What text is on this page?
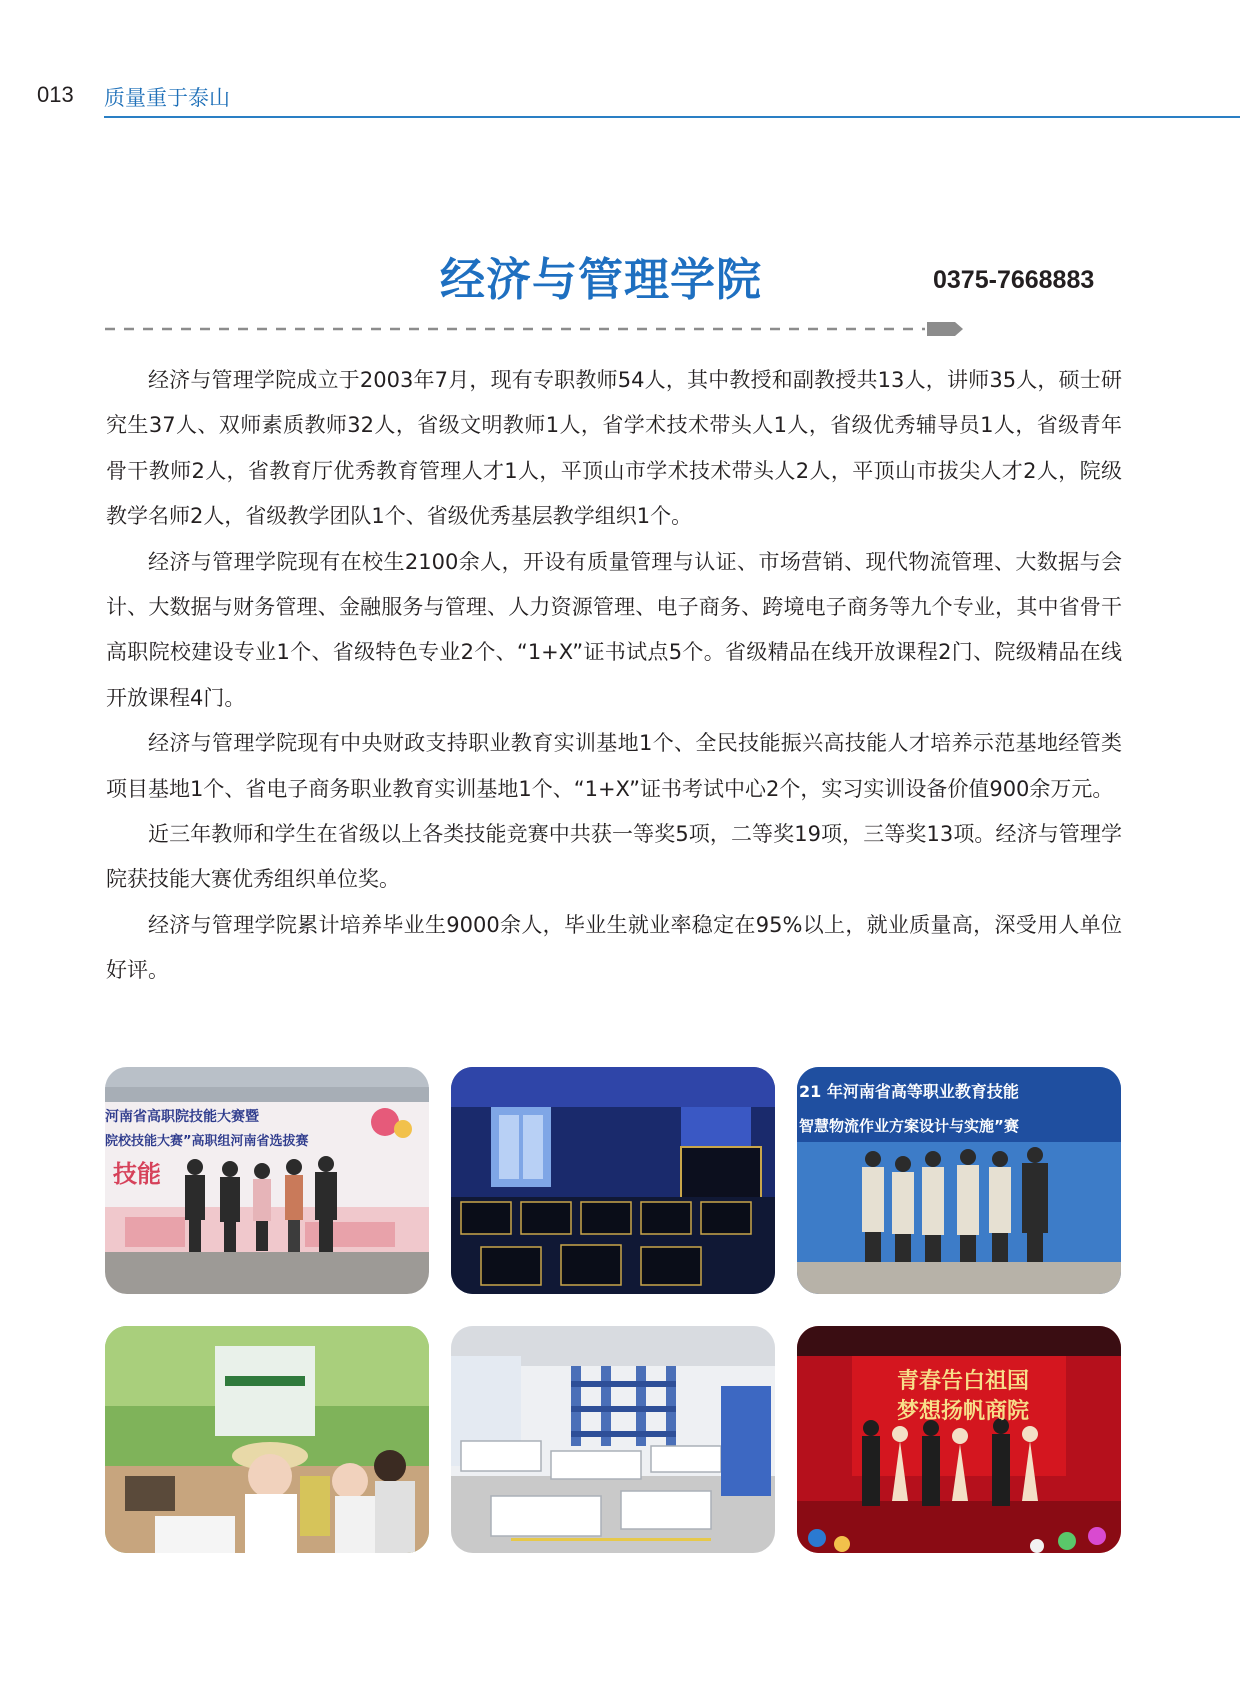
013 质量重于泰山
经济与管理学院	0375-7668883

经济与管理学院成立于2003年7月，现有专职教师54人，其中教授和副教授共13人，讲师35人，硕士研究生37人、双师素质教师32人，省级文明教师1人，省学术技术带头人1人，省级优秀辅导员1人，省级青年骨干教师2人，省教育厅优秀教育管理人才1人，平顶山市学术技术带头人2人，平顶山市拔尖人才2人，院级教学名师2人，省级教学团队1个、省级优秀基层教学组织1个。

经济与管理学院现有在校生2100余人，开设有质量管理与认证、市场营销、现代物流管理、大数据与会计、大数据与财务管理、金融服务与管理、人力资源管理、电子商务、跨境电子商务等九个专业，其中省骨干高职院校建设专业1个、省级特色专业2个、“1+X”证书试点5个。省级精品在线开放课程2门、院级精品在线开放课程4门。

经济与管理学院现有中央财政支持职业教育实训基地1个、全民技能振兴高技能人才培养示范基地经管类项目基地1个、省电子商务职业教育实训基地1个、“1+X”证书考试中心2个，实习实训设备价值900余万元。

近三年教师和学生在省级以上各类技能竞赛中共获一等奖5项，二等奖19项，三等奖13项。经济与管理学院获技能大赛优秀组织单位奖。

经济与管理学院累计培养毕业生9000余人，毕业生就业率稳定在95%以上，就业质量高，深受用人单位好评。

河南省高职院技能大赛暨
院校技能大赛”高职组河南省选拔赛
技能
21 年河南省高等职业教育技能
智慧物流作业方案设计与实施”赛
青春告白祖国
梦想扬帆商院
